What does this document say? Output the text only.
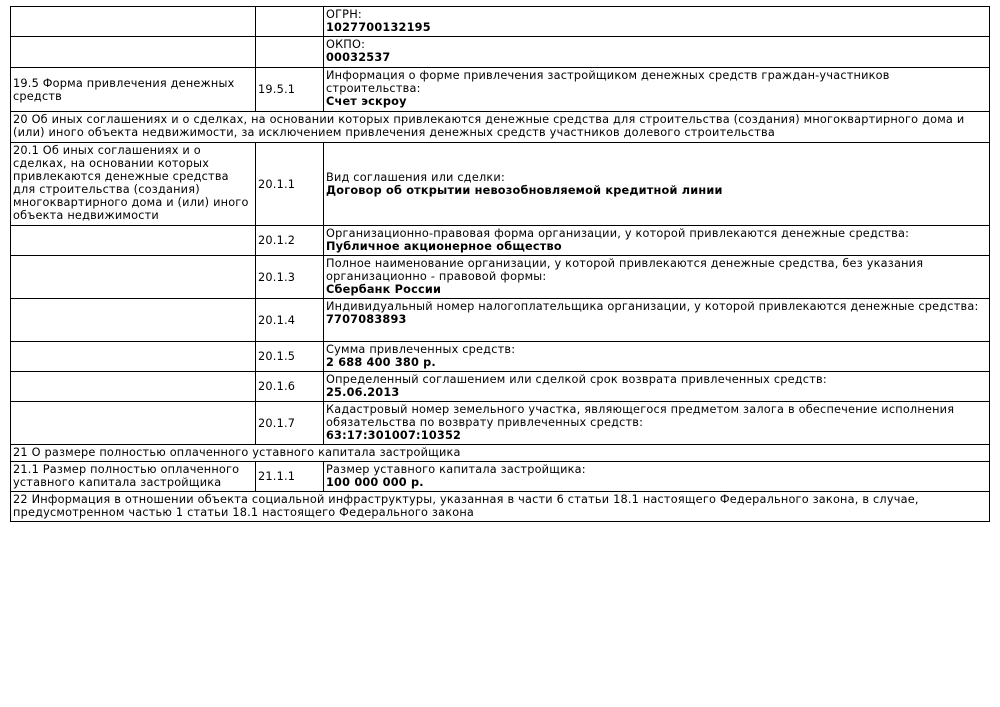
		ОГРН:
1027700132195

		ОКПО:
00032537

19.5 Форма привлечения денежных средств	19.5.1	Информация о форме привлечения застройщиком денежных средств граждан-участников строительства:
Счет эскроу

20 Об иных соглашениях и о сделках, на основании которых привлекаются денежные средства для строительства (создания) многоквартирного дома и (или) иного объекта недвижимости, за исключением привлечения денежных средств участников долевого строительства		
20.1 Об иных соглашениях и о сделках, на основании которых привлекаются денежные средства для строительства (создания) многоквартирного дома и (или) иного объекта недвижимости	20.1.1	Вид соглашения или сделки:
Договор об открытии невозобновляемой кредитной линии

	20.1.2	Организационно-правовая форма организации, у которой привлекаются денежные средства:
Публичное акционерное общество

	20.1.3	Полное наименование организации, у которой привлекаются денежные средства, без указания организационно - правовой формы:
Сбербанк России

	20.1.4	Индивидуальный номер налогоплательщика организации, у которой привлекаются денежные средства:
7707083893

	20.1.5	Сумма привлеченных средств:
2 688 400 380 р.

	20.1.6	Определенный соглашением или сделкой срок возврата привлеченных средств:
25.06.2013

	20.1.7	Кадастровый номер земельного участка, являющегося предметом залога в обеспечение исполнения обязательства по возврату привлеченных средств:
63:17:301007:10352

21 О размере полностью оплаченного уставного капитала застройщика		
21.1 Размер полностью оплаченного уставного капитала застройщика	21.1.1	Размер уставного капитала застройщика:
100 000 000 р.

22 Информация в отношении объекта социальной инфраструктуры, указанная в части 6 статьи 18.1 настоящего Федерального закона, в случае, предусмотренном частью 1 статьи 18.1 настоящего Федерального закона		
